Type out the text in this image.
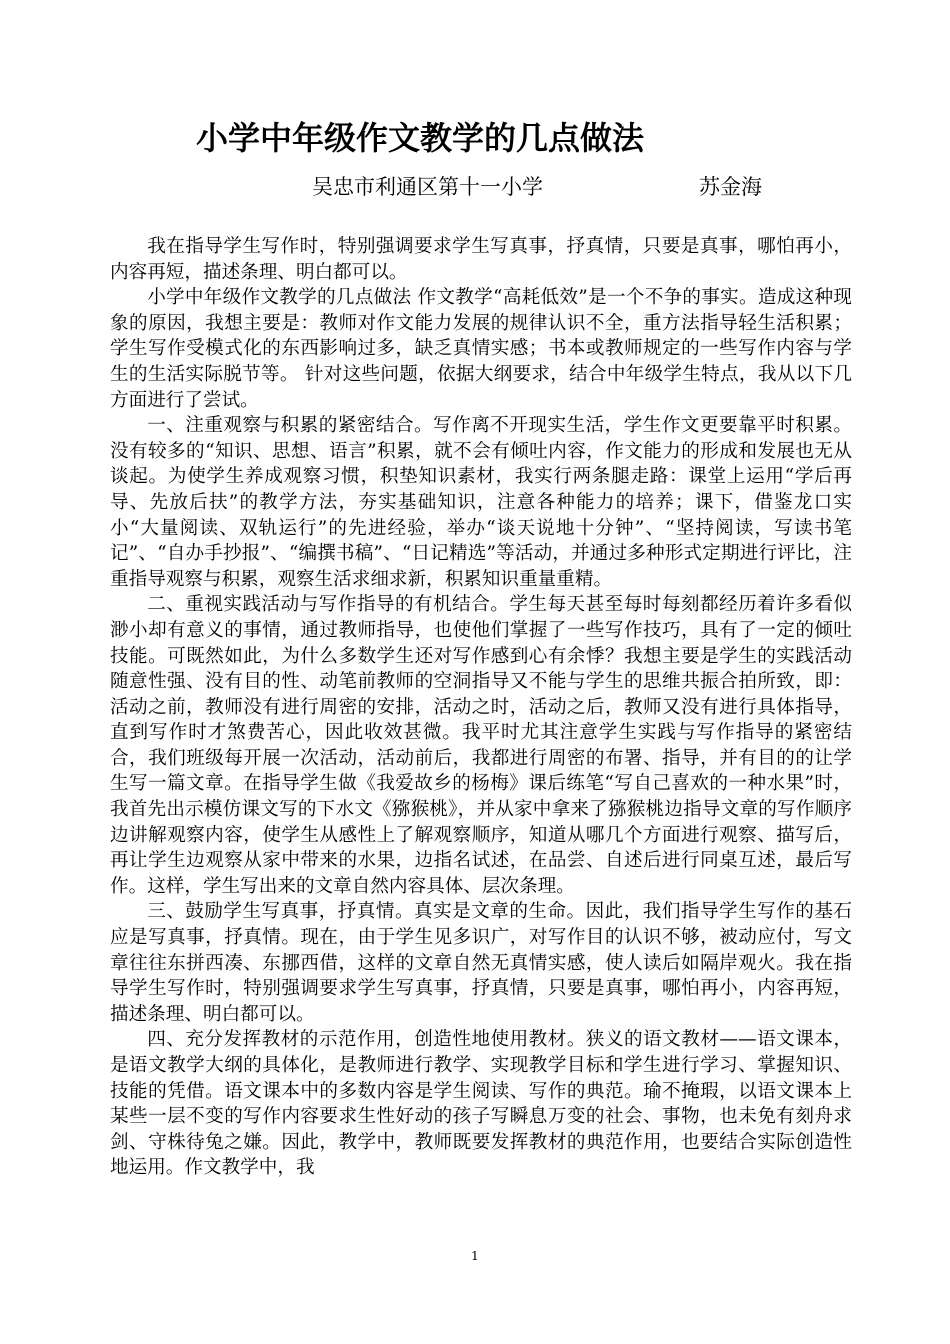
小学中年级作文教学的几点做法
吴忠市利通区第十一小学	苏金海

我在指导学生写作时，特别强调要求学生写真事，抒真情，只要是真事，哪怕再小，内容再短，描述条理、明白都可以。

小学中年级作文教学的几点做法 作文教学“高耗低效”是一个不争的事实。造成这种现象的原因，我想主要是：教师对作文能力发展的规律认识不全，重方法指导轻生活积累；学生写作受模式化的东西影响过多，缺乏真情实感；书本或教师规定的一些写作内容与学生的生活实际脱节等。 针对这些问题，依据大纲要求，结合中年级学生特点，我从以下几方面进行了尝试。

一、注重观察与积累的紧密结合。写作离不开现实生活，学生作文更要靠平时积累。没有较多的“知识、思想、语言”积累，就不会有倾吐内容，作文能力的形成和发展也无从谈起。为使学生养成观察习惯，积垫知识素材，我实行两条腿走路：课堂上运用“学后再导、先放后扶”的教学方法，夯实基础知识，注意各种能力的培养；课下，借鉴龙口实小“大量阅读、双轨运行”的先进经验，举办“谈天说地十分钟”、“坚持阅读，写读书笔记”、“自办手抄报”、“编撰书稿”、“日记精选”等活动，并通过多种形式定期进行评比，注重指导观察与积累，观察生活求细求新，积累知识重量重精。

二、重视实践活动与写作指导的有机结合。学生每天甚至每时每刻都经历着许多看似渺小却有意义的事情，通过教师指导，也使他们掌握了一些写作技巧，具有了一定的倾吐技能。可既然如此，为什么多数学生还对写作感到心有余悸？我想主要是学生的实践活动随意性强、没有目的性、动笔前教师的空洞指导又不能与学生的思维共振合拍所致，即：活动之前，教师没有进行周密的安排，活动之时，活动之后，教师又没有进行具体指导，直到写作时才煞费苦心，因此收效甚微。我平时尤其注意学生实践与写作指导的紧密结合，我们班级每开展一次活动，活动前后，我都进行周密的布署、指导，并有目的的让学生写一篇文章。在指导学生做《我爱故乡的杨梅》课后练笔“写自己喜欢的一种水果”时，我首先出示模仿课文写的下水文《猕猴桃》，并从家中拿来了猕猴桃边指导文章的写作顺序边讲解观察内容，使学生从感性上了解观察顺序，知道从哪几个方面进行观察、描写后，再让学生边观察从家中带来的水果，边指名试述，在品尝、自述后进行同桌互述，最后写作。这样，学生写出来的文章自然内容具体、层次条理。

三、鼓励学生写真事，抒真情。真实是文章的生命。因此，我们指导学生写作的基石应是写真事，抒真情。现在，由于学生见多识广，对写作目的认识不够，被动应付，写文章往往东拼西凑、东挪西借，这样的文章自然无真情实感，使人读后如隔岸观火。我在指导学生写作时，特别强调要求学生写真事，抒真情，只要是真事，哪怕再小，内容再短，描述条理、明白都可以。

四、充分发挥教材的示范作用，创造性地使用教材。狭义的语文教材——语文课本，是语文教学大纲的具体化，是教师进行教学、实现教学目标和学生进行学习、掌握知识、技能的凭借。语文课本中的多数内容是学生阅读、写作的典范。瑜不掩瑕，以语文课本上某些一层不变的写作内容要求生性好动的孩子写瞬息万变的社会、事物，也未免有刻舟求剑、守株待兔之嫌。因此，教学中，教师既要发挥教材的典范作用，也要结合实际创造性地运用。作文教学中，我

1
